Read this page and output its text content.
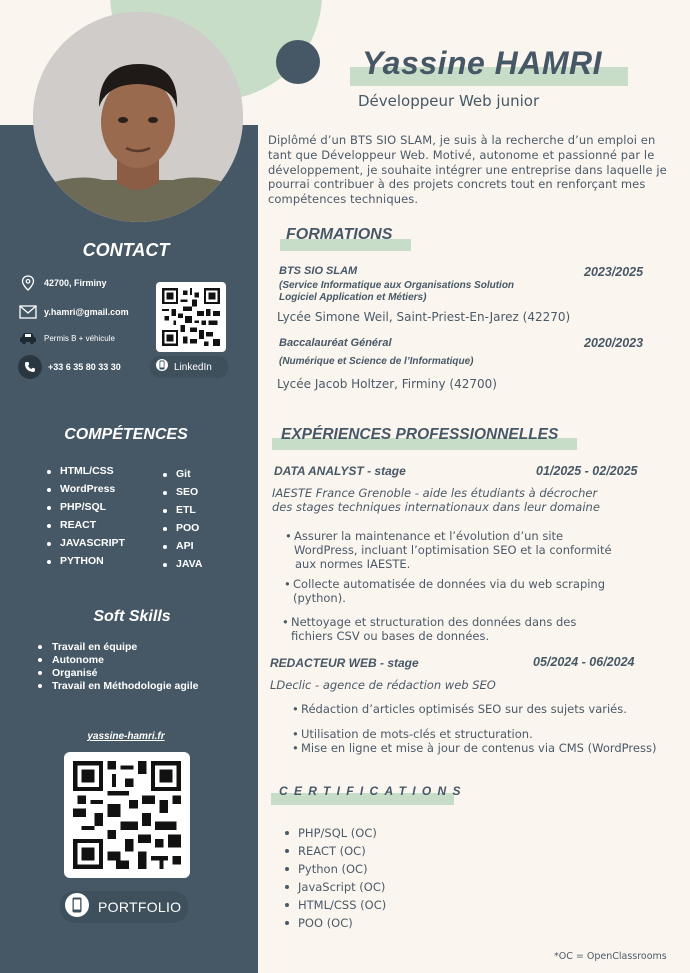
CONTACT
42700, Firminy
y.hamri@gmail.com
Permis B + véhicule
+33 6 35 80 33 30	LinkedIn
COMPÉTENCES
HTML/CSS
WordPress
PHP/SQL
REACT
JAVASCRIPT
PYTHON
Git
SEO
ETL
POO
API
JAVA
Soft Skills
Travail en équipe
Autonome
Organisé
Travail en Méthodologie agile
yassine-hamri.fr
PORTFOLIO
Yassine HAMRI
Développeur Web junior
Diplômé d’un BTS SIO SLAM, je suis à la recherche d’un emploi en tant que Développeur Web. Motivé, autonome et passionné par le développement, je souhaite intégrer une entreprise dans laquelle je pourrai contribuer à des projets concrets tout en renforçant mes compétences techniques.
FORMATIONS
BTS SIO SLAM	2023/2025
(Service Informatique aux Organisations Solution
Logiciel Application et Métiers)
Lycée Simone Weil, Saint-Priest-En-Jarez (42270)
Baccalauréat Général	2020/2023
(Numérique et Science de l’Informatique)
Lycée Jacob Holtzer, Firminy (42700)
EXPÉRIENCES PROFESSIONNELLES
DATA ANALYST - stage	01/2025 - 02/2025
IAESTE France Grenoble - aide les étudiants à décrocher
des stages techniques internationaux dans leur domaine
• Assurer la maintenance et l’évolution d’un site
WordPress, incluant l’optimisation SEO et la conformité
aux normes IAESTE.
• Collecte automatisée de données via du web scraping
(python).
• Nettoyage et structuration des données dans des
fichiers CSV ou bases de données.
REDACTEUR WEB - stage	05/2024 - 06/2024
LDeclic - agence de rédaction web SEO
• Rédaction d’articles optimisés SEO sur des sujets variés.
• Utilisation de mots-clés et structuration.
• Mise en ligne et mise à jour de contenus via CMS (WordPress)
CERTIFICATIONS
PHP/SQL (OC)
REACT (OC)
Python (OC)
JavaScript (OC)
HTML/CSS (OC)
POO (OC)
*OC = OpenClassrooms
